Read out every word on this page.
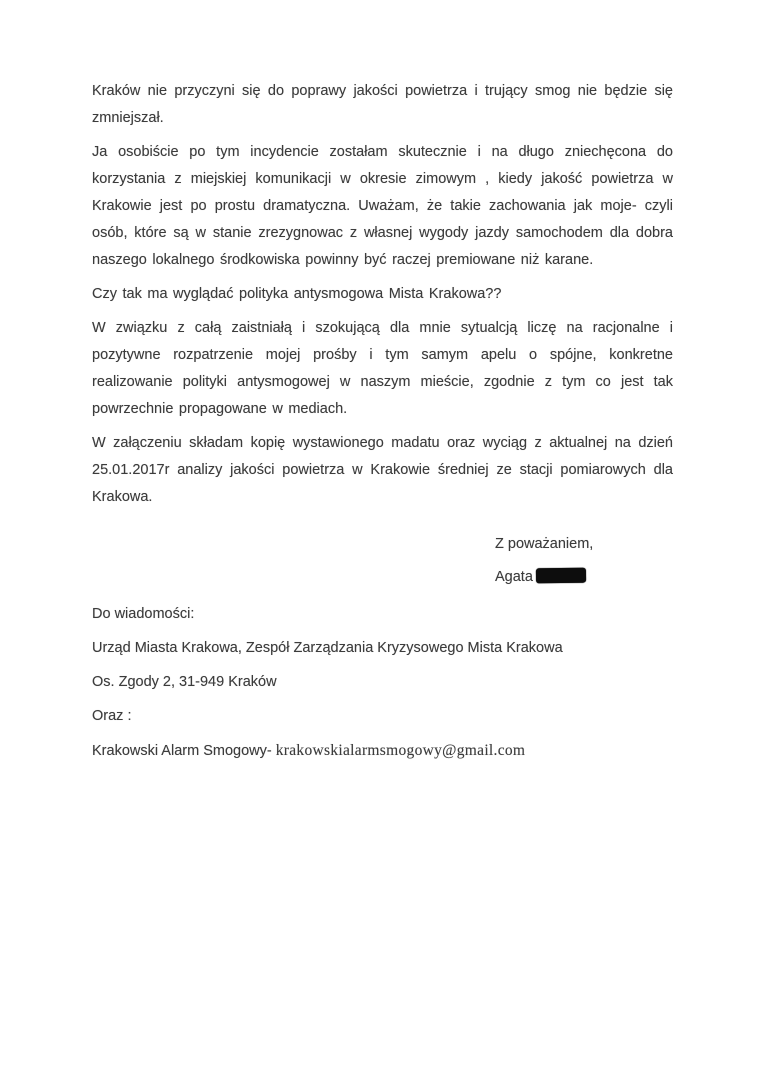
Kraków nie przyczyni się do poprawy jakości powietrza i trujący smog nie będzie się zmniejszał.

Ja osobiście po tym incydencie zostałam skutecznie i na długo zniechęcona do korzystania z miejskiej komunikacji w okresie zimowym , kiedy jakość powietrza w Krakowie jest po prostu dramatyczna. Uważam, że takie zachowania jak moje- czyli osób, które są w stanie zrezygnowac z własnej wygody jazdy samochodem dla dobra naszego lokalnego środkowiska powinny być raczej premiowane niż karane.

Czy tak ma wyglądać polityka antysmogowa Mista Krakowa??

W związku z całą zaistniałą i szokującą dla mnie sytualcją liczę na racjonalne i pozytywne rozpatrzenie mojej prośby i tym samym apelu o spójne, konkretne realizowanie polityki antysmogowej w naszym mieście, zgodnie z tym co jest tak powrzechnie propagowane w mediach.

W załączeniu składam kopię wystawionego madatu oraz wyciąg z aktualnej na dzień 25.01.2017r analizy jakości powietrza w Krakowie średniej ze stacji pomiarowych dla Krakowa.

Z poważaniem,

Agata

Do wiadomości:

Urząd Miasta Krakowa, Zespół Zarządzania Kryzysowego Mista Krakowa

Os. Zgody 2, 31-949 Kraków

Oraz :

Krakowski Alarm Smogowy- krakowskialarmsmogowy@gmail.com
